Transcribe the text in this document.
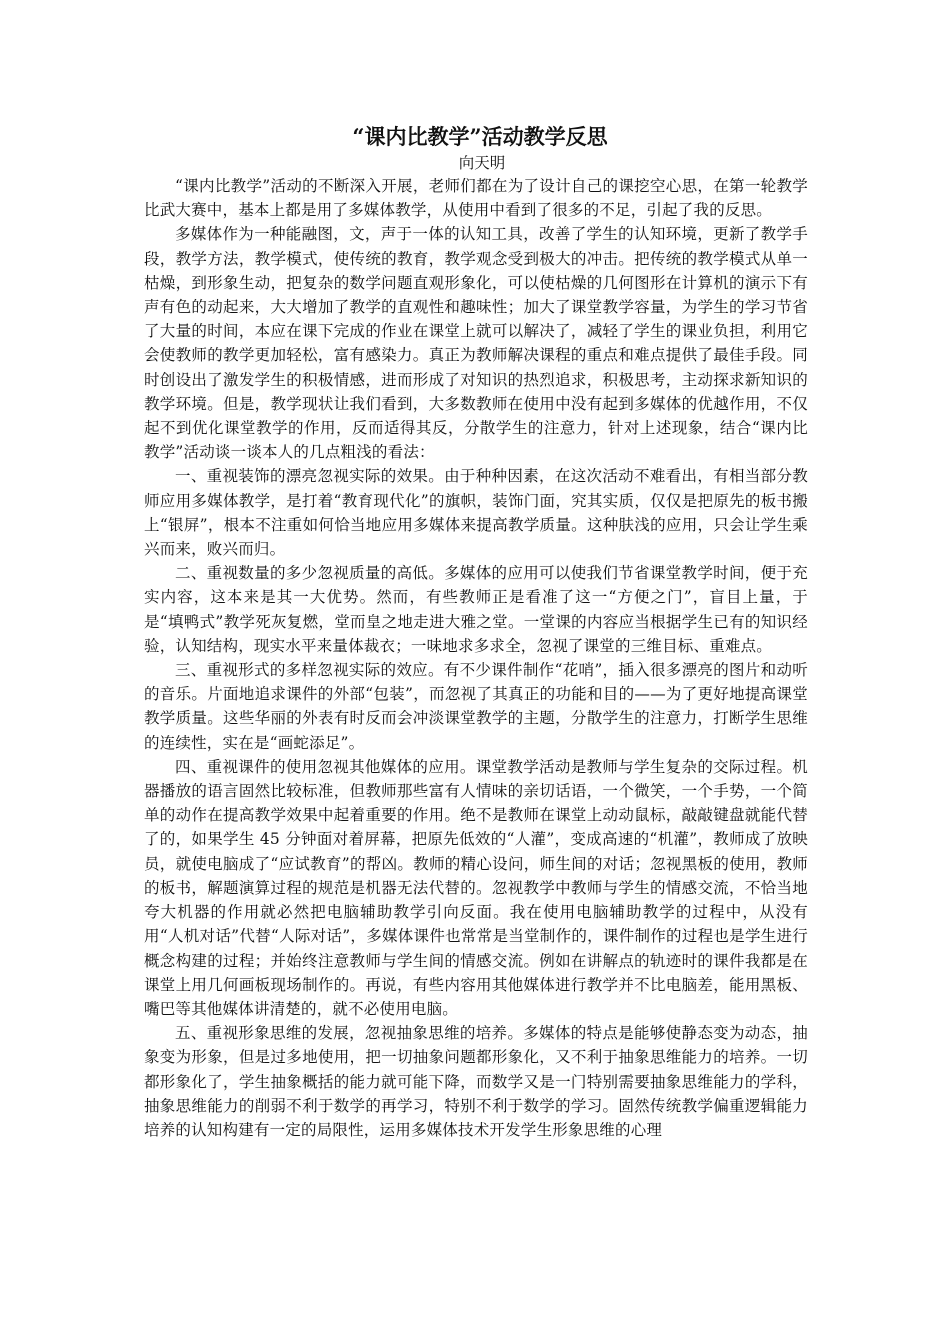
“课内比教学”活动教学反思
向天明

“课内比教学”活动的不断深入开展，老师们都在为了设计自己的课挖空心思，在第一轮教学比武大赛中，基本上都是用了多媒体教学，从使用中看到了很多的不足，引起了我的反思。

多媒体作为一种能融图，文，声于一体的认知工具，改善了学生的认知环境，更新了教学手段，教学方法，教学模式，使传统的教育，教学观念受到极大的冲击。把传统的教学模式从单一枯燥，到形象生动，把复杂的数学问题直观形象化，可以使枯燥的几何图形在计算机的演示下有声有色的动起来，大大增加了教学的直观性和趣味性；加大了课堂教学容量，为学生的学习节省了大量的时间，本应在课下完成的作业在课堂上就可以解决了，减轻了学生的课业负担，利用它会使教师的教学更加轻松，富有感染力。真正为教师解决课程的重点和难点提供了最佳手段。同时创设出了激发学生的积极情感，进而形成了对知识的热烈追求，积极思考，主动探求新知识的教学环境。但是，教学现状让我们看到，大多数教师在使用中没有起到多媒体的优越作用，不仅起不到优化课堂教学的作用，反而适得其反，分散学生的注意力，针对上述现象，结合“课内比教学”活动谈一谈本人的几点粗浅的看法：

一、重视装饰的漂亮忽视实际的效果。由于种种因素，在这次活动不难看出，有相当部分教师应用多媒体教学，是打着“教育现代化”的旗帜，装饰门面，究其实质，仅仅是把原先的板书搬上“银屏”，根本不注重如何恰当地应用多媒体来提高教学质量。这种肤浅的应用，只会让学生乘兴而来，败兴而归。

二、重视数量的多少忽视质量的高低。多媒体的应用可以使我们节省课堂教学时间，便于充实内容，这本来是其一大优势。然而，有些教师正是看准了这一“方便之门”，盲目上量，于是“填鸭式”教学死灰复燃，堂而皇之地走进大雅之堂。一堂课的内容应当根据学生已有的知识经验，认知结构，现实水平来量体裁衣；一味地求多求全，忽视了课堂的三维目标、重难点。

三、重视形式的多样忽视实际的效应。有不少课件制作“花哨”，插入很多漂亮的图片和动听的音乐。片面地追求课件的外部“包装”，而忽视了其真正的功能和目的——为了更好地提高课堂教学质量。这些华丽的外表有时反而会冲淡课堂教学的主题，分散学生的注意力，打断学生思维的连续性，实在是“画蛇添足”。

四、重视课件的使用忽视其他媒体的应用。课堂教学活动是教师与学生复杂的交际过程。机器播放的语言固然比较标准，但教师那些富有人情味的亲切话语，一个微笑，一个手势，一个简单的动作在提高教学效果中起着重要的作用。绝不是教师在课堂上动动鼠标，敲敲键盘就能代替了的，如果学生 45 分钟面对着屏幕，把原先低效的“人灌”，变成高速的“机灌”，教师成了放映员，就使电脑成了“应试教育”的帮凶。教师的精心设问，师生间的对话；忽视黑板的使用，教师的板书，解题演算过程的规范是机器无法代替的。忽视教学中教师与学生的情感交流，不恰当地夸大机器的作用就必然把电脑辅助教学引向反面。我在使用电脑辅助教学的过程中，从没有用“人机对话”代替“人际对话”，多媒体课件也常常是当堂制作的，课件制作的过程也是学生进行概念构建的过程；并始终注意教师与学生间的情感交流。例如在讲解点的轨迹时的课件我都是在课堂上用几何画板现场制作的。再说，有些内容用其他媒体进行教学并不比电脑差，能用黑板、嘴巴等其他媒体讲清楚的，就不必使用电脑。

五、重视形象思维的发展，忽视抽象思维的培养。多媒体的特点是能够使静态变为动态，抽象变为形象，但是过多地使用，把一切抽象问题都形象化，又不利于抽象思维能力的培养。一切都形象化了，学生抽象概括的能力就可能下降，而数学又是一门特别需要抽象思维能力的学科，抽象思维能力的削弱不利于数学的再学习，特别不利于数学的学习。固然传统教学偏重逻辑能力培养的认知构建有一定的局限性，运用多媒体技术开发学生形象思维的心理
